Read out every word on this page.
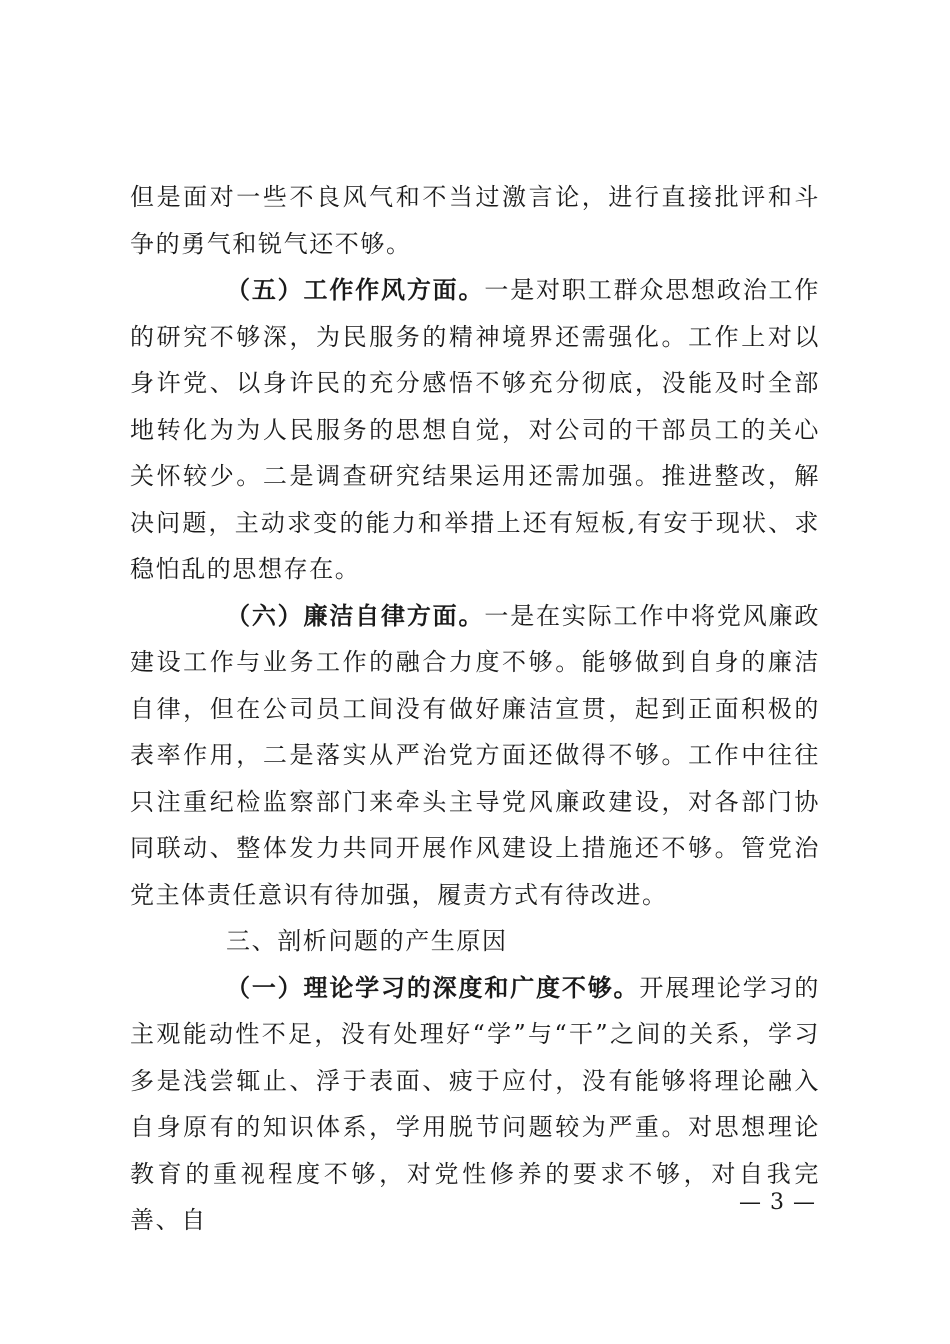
但是面对一些不良风气和不当过激言论，进行直接批评和斗争的勇气和锐气还不够。

（五）工作作风方面。一是对职工群众思想政治工作的研究不够深，为民服务的精神境界还需强化。工作上对以身许党、以身许民的充分感悟不够充分彻底，没能及时全部地转化为为人民服务的思想自觉，对公司的干部员工的关心关怀较少。二是调查研究结果运用还需加强。推进整改，解决问题，主动求变的能力和举措上还有短板,有安于现状、求稳怕乱的思想存在。

（六）廉洁自律方面。一是在实际工作中将党风廉政建设工作与业务工作的融合力度不够。能够做到自身的廉洁自律，但在公司员工间没有做好廉洁宣贯，起到正面积极的表率作用，二是落实从严治党方面还做得不够。工作中往往只注重纪检监察部门来牵头主导党风廉政建设，对各部门协同联动、整体发力共同开展作风建设上措施还不够。管党治党主体责任意识有待加强，履责方式有待改进。

三、剖析问题的产生原因

（一）理论学习的深度和广度不够。开展理论学习的主观能动性不足，没有处理好“学”与“干”之间的关系，学习多是浅尝辄止、浮于表面、疲于应付，没有能够将理论融入自身原有的知识体系，学用脱节问题较为严重。对思想理论教育的重视程度不够，对党性修养的要求不够，对自我完善、自

— 3 —
